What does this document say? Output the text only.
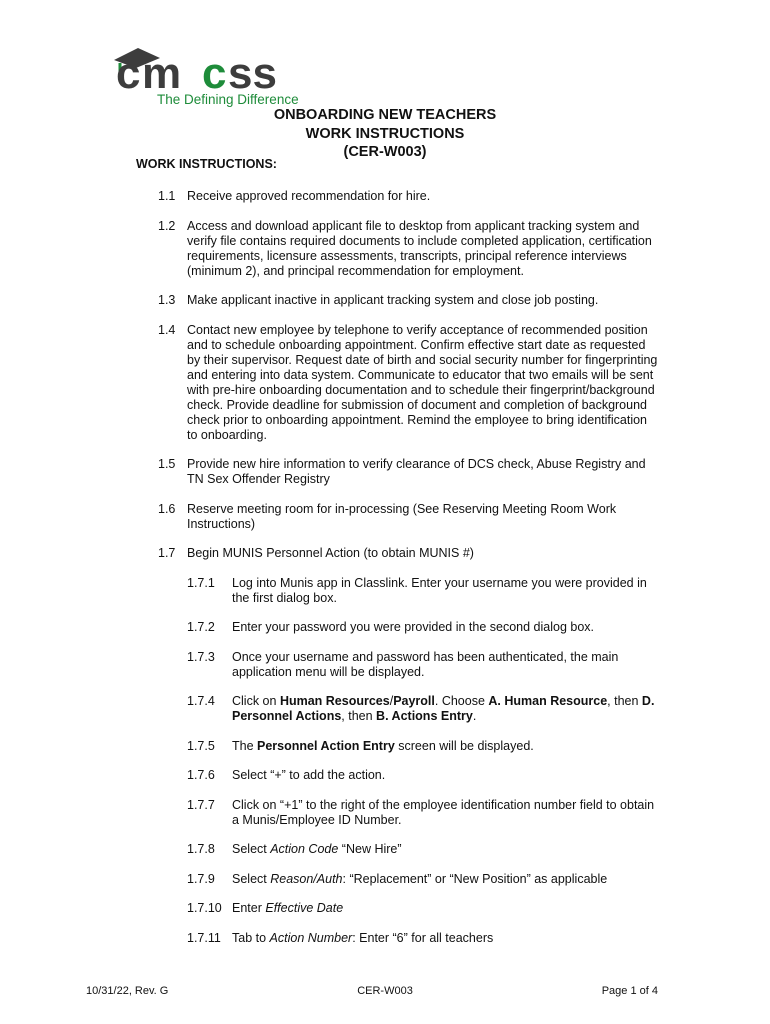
c m c ss
The Defining Difference
ONBOARDING NEW TEACHERS
WORK INSTRUCTIONS
(CER-W003)
WORK INSTRUCTIONS:
1.1 Receive approved recommendation for hire.
1.2 Access and download applicant file to desktop from applicant tracking system and verify file contains required documents to include completed application, certification requirements, licensure assessments, transcripts, principal reference interviews (minimum 2), and principal recommendation for employment.
1.3 Make applicant inactive in applicant tracking system and close job posting.
1.4 Contact new employee by telephone to verify acceptance of recommended position and to schedule onboarding appointment. Confirm effective start date as requested by their supervisor. Request date of birth and social security number for fingerprinting and entering into data system. Communicate to educator that two emails will be sent with pre-hire onboarding documentation and to schedule their fingerprint/background check. Provide deadline for submission of document and completion of background check prior to onboarding appointment. Remind the employee to bring identification to onboarding.
1.5 Provide new hire information to verify clearance of DCS check, Abuse Registry and TN Sex Offender Registry
1.6 Reserve meeting room for in-processing (See Reserving Meeting Room Work Instructions)
1.7 Begin MUNIS Personnel Action (to obtain MUNIS #)
1.7.1	Log into Munis app in Classlink. Enter your username you were provided in the first dialog box.
1.7.2	Enter your password you were provided in the second dialog box.
1.7.3	Once your username and password has been authenticated, the main application menu will be displayed.
1.7.4	Click on Human Resources/Payroll. Choose A. Human Resource, then D. Personnel Actions, then B. Actions Entry.
1.7.5	The Personnel Action Entry screen will be displayed.
1.7.6	Select “+” to add the action.
1.7.7	Click on “+1” to the right of the employee identification number field to obtain a Munis/Employee ID Number.
1.7.8	Select Action Code “New Hire”
1.7.9	Select Reason/Auth: “Replacement” or “New Position” as applicable
1.7.10 Enter Effective Date
1.7.11 Tab to Action Number: Enter “6” for all teachers
10/31/22, Rev. G	CER-W003	Page 1 of 4
